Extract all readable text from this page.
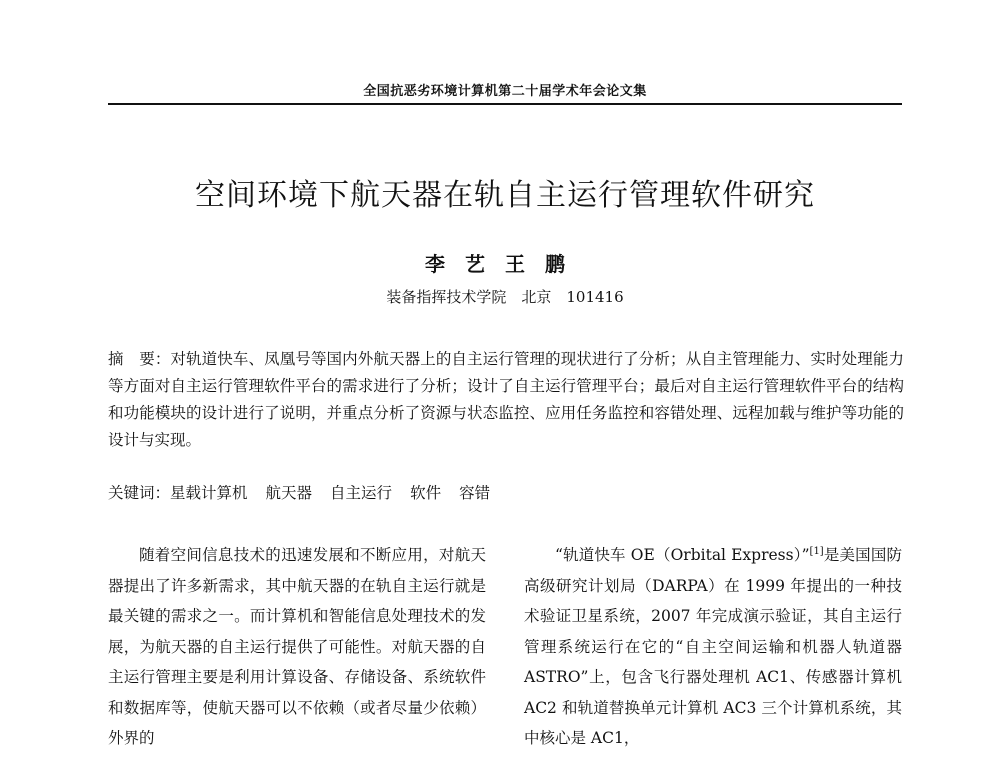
全国抗恶劣环境计算机第二十届学术年会论文集
空间环境下航天器在轨自主运行管理软件研究
李艺王鹏
装备指挥技术学院　北京　101416
摘　要：对轨道快车、凤凰号等国内外航天器上的自主运行管理的现状进行了分析；从自主管理能力、实时处理能力等方面对自主运行管理软件平台的需求进行了分析；设计了自主运行管理平台；最后对自主运行管理软件平台的结构和功能模块的设计进行了说明，并重点分析了资源与状态监控、应用任务监控和容错处理、远程加载与维护等功能的设计与实现。
关键词：星载计算机 航天器 自主运行 软件 容错

随着空间信息技术的迅速发展和不断应用，对航天器提出了许多新需求，其中航天器的在轨自主运行就是最关键的需求之一。而计算机和智能信息处理技术的发展，为航天器的自主运行提供了可能性。对航天器的自主运行管理主要是利用计算设备、存储设备、系统软件和数据库等，使航天器可以不依赖（或者尽量少依赖）外界的

“轨道快车 OE（Orbital Express）”[1]是美国国防高级研究计划局（DARPA）在 1999 年提出的一种技术验证卫星系统，2007 年完成演示验证，其自主运行管理系统运行在它的“自主空间运输和机器人轨道器 ASTRO”上，包含飞行器处理机 AC1、传感器计算机 AC2 和轨道替换单元计算机 AC3 三个计算机系统，其中核心是 AC1，
